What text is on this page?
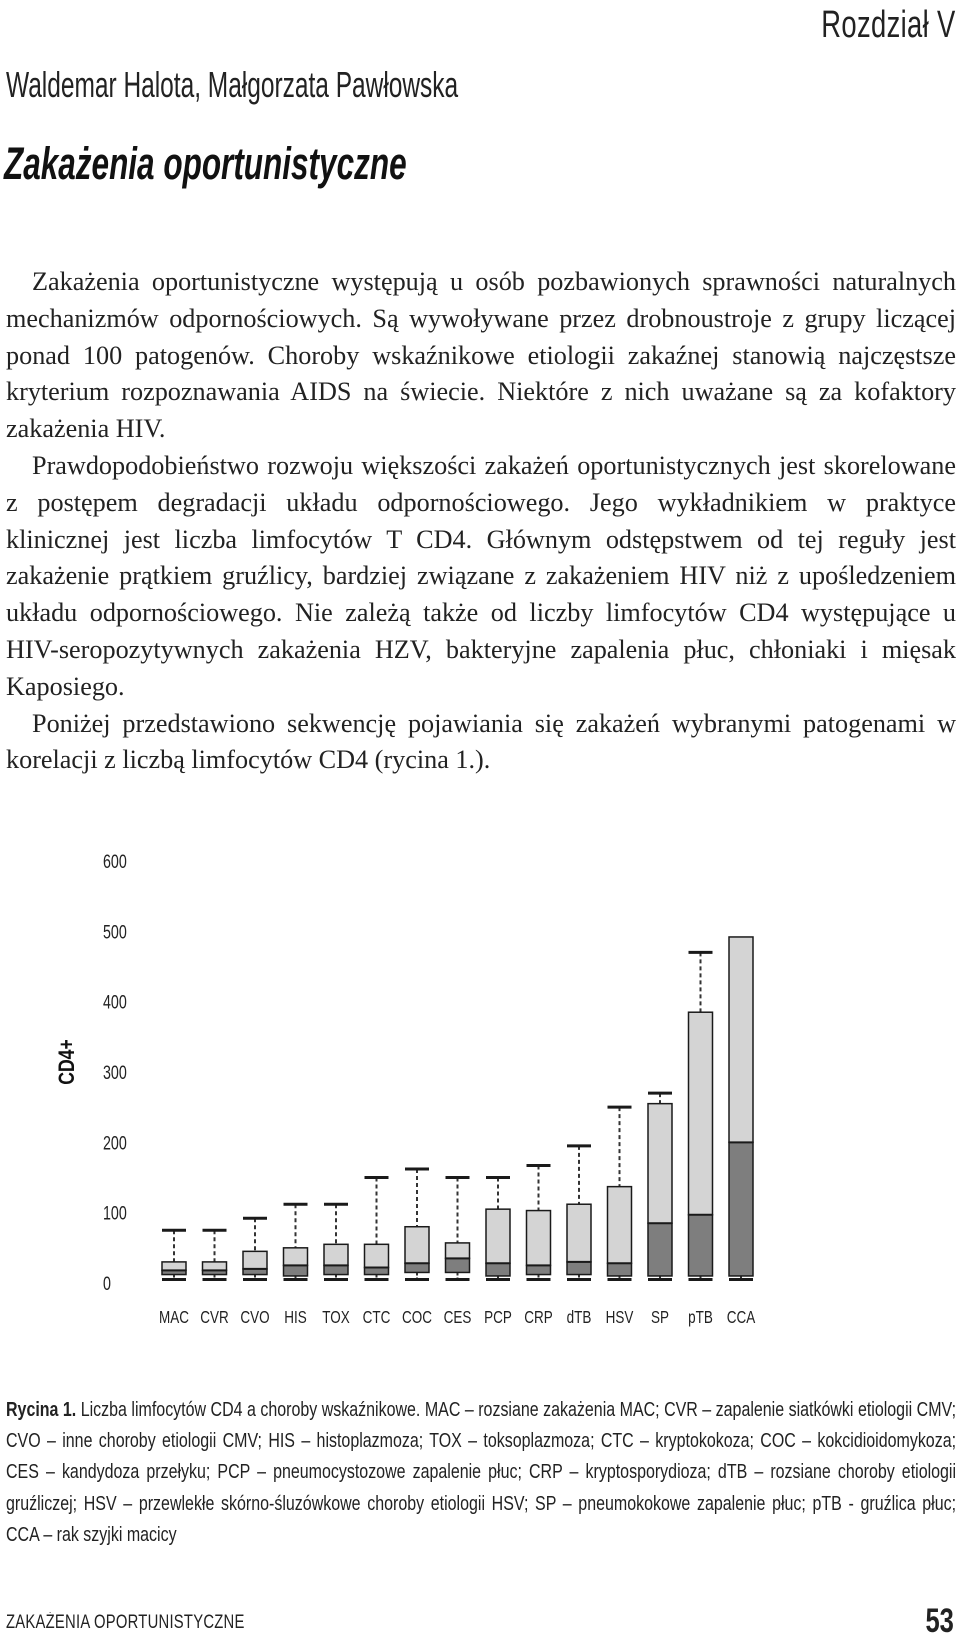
Rozdział V
Waldemar Halota, Małgorzata Pawłowska
Zakażenia oportunistyczne

Zakażenia oportunistyczne występują u osób pozbawionych sprawności naturalnych mechanizmów odpornościowych. Są wywoływane przez drobnoustroje z grupy liczącej ponad 100 patogenów. Choroby wskaźnikowe etiologii zakaźnej stanowią najczęstsze kryterium rozpoznawania AIDS na świecie. Niektóre z nich uważane są za kofaktory zakażenia HIV.

Prawdopodobieństwo rozwoju większości zakażeń oportunistycznych jest skorelowane z postępem degradacji układu odpornościowego. Jego wykładnikiem w praktyce klinicznej jest liczba limfocytów T CD4. Głównym odstępstwem od tej reguły jest zakażenie prątkiem gruźlicy, bardziej związane z zakażeniem HIV niż z upośledzeniem układu odpornościowego. Nie zależą także od liczby limfocytów CD4 występujące u HIV-seropozytywnych zakażenia HZV, bakteryjne zapalenia płuc, chłoniaki i mięsak Kaposiego.

Poniżej przedstawiono sekwencję pojawiania się zakażeń wybranymi patogenami w korelacji z liczbą limfocytów CD4 (rycina 1.).

0
100
200
300
400
500
600
CD4+
MAC CVR CVO HIS TOX CTC COC CES PCP CRP dTB HSV SP pTB CCA
Rycina 1. Liczba limfocytów CD4 a choroby wskaźnikowe. MAC – rozsiane zakażenia MAC; CVR – zapalenie siatkówki etiologii CMV; CVO – inne choroby etiologii CMV; HIS – histoplazmoza; TOX – toksoplazmoza; CTC – kryptokokoza; COC – kokcidioidomykoza; CES – kandydoza przełyku; PCP – pneumocystozowe zapalenie płuc; CRP – kryptosporydioza; dTB – rozsiane choroby etiologii gruźliczej; HSV – przewlekłe skórno-śluzówkowe choroby etiologii HSV; SP – pneumokokowe zapalenie płuc; pTB - gruźlica płuc; CCA – rak szyjki macicy
ZAKAŻENIA OPORTUNISTYCZNE	53
